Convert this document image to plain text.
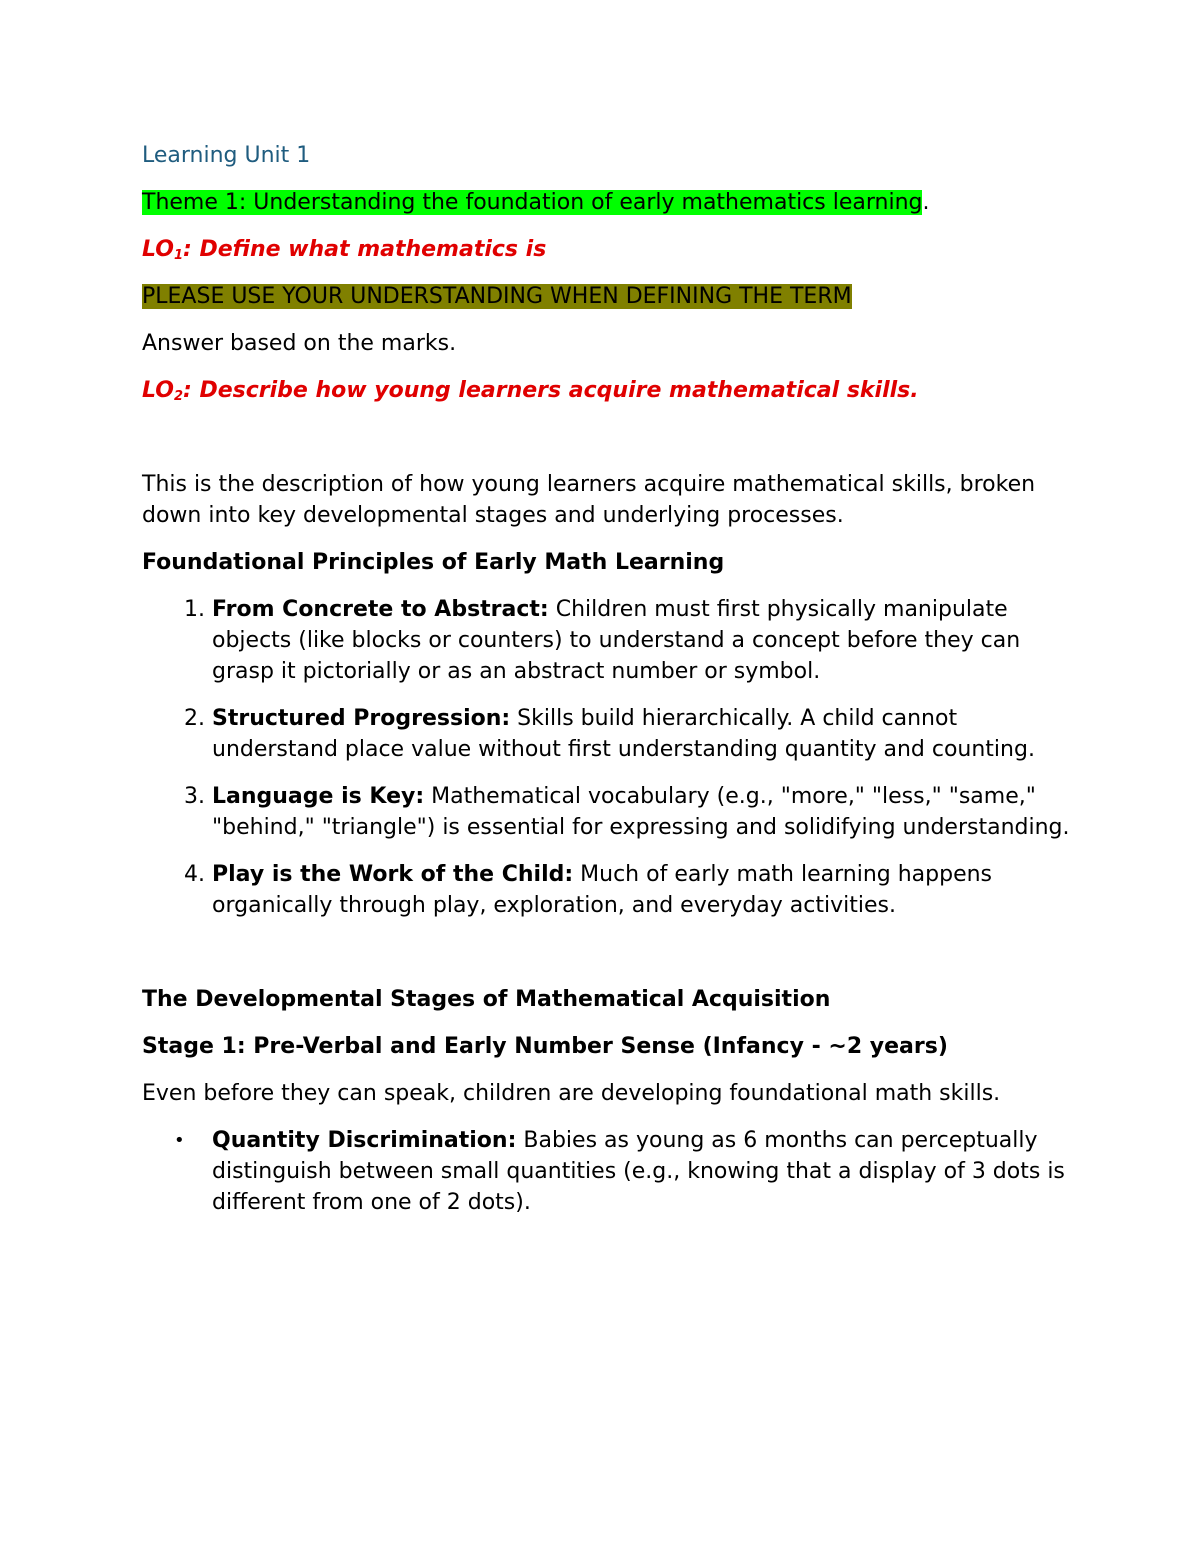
Learning Unit 1

Theme 1: Understanding the foundation of early mathematics learning.

$LO_1$: Define what mathematics is

PLEASE USE YOUR UNDERSTANDING WHEN DEFINING THE TERM

Answer based on the marks.

$LO_2$: Describe how young learners acquire mathematical skills.

This is the description of how young learners acquire mathematical skills, broken down into key developmental stages and underlying processes.

Foundational Principles of Early Math Learning

1. From Concrete to Abstract: Children must first physically manipulate objects (like blocks or counters) to understand a concept before they can grasp it pictorially or as an abstract number or symbol.
2. Structured Progression: Skills build hierarchically. A child cannot understand place value without first understanding quantity and counting.
3. Language is Key: Mathematical vocabulary (e.g., "more," "less," "same," "behind," "triangle") is essential for expressing and solidifying understanding.
4. Play is the Work of the Child: Much of early math learning happens organically through play, exploration, and everyday activities.

The Developmental Stages of Mathematical Acquisition

Stage 1: Pre-Verbal and Early Number Sense (Infancy - ~2 years)

Even before they can speak, children are developing foundational math skills.

• Quantity Discrimination: Babies as young as 6 months can perceptually distinguish between small quantities (e.g., knowing that a display of 3 dots is different from one of 2 dots).
